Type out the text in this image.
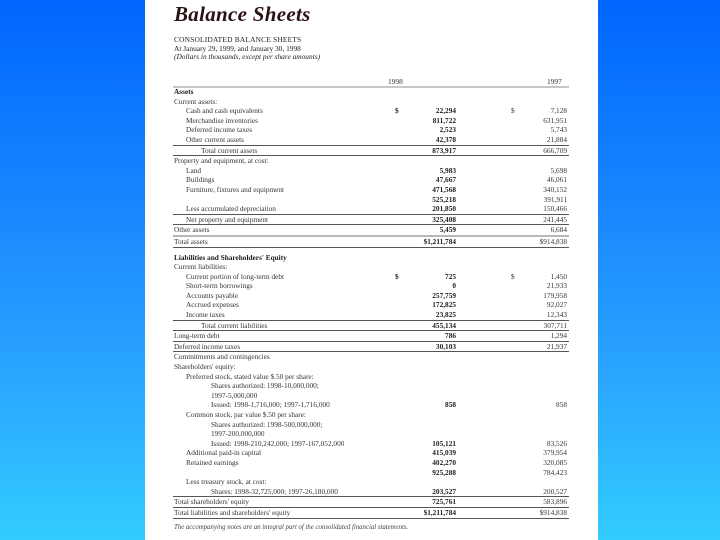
Balance Sheets
CONSOLIDATED BALANCE SHEETS
At January 29, 1999, and January 30, 1998
(Dollars in thousands, except per share amounts)
1998	1997
Assets
Current assets:
Cash and cash equivalents	$	22,294	$	7,128
Merchandise inventories	811,722	631,951
Deferred income taxes	2,523	5,743
Other current assets	42,378	21,884
Total current assets	873,917	666,709
Property and equipment, at cost:
Land	5,983	5,698
Buildings	47,667	46,061
Furniture, fixtures and equipment	471,568	340,152
525,218	391,911
Less accumulated depreciation	201,850	150,466
Net property and equipment	325,408	241,445
Other assets	5,459	6,684
Total assets	$1,211,784	$914,838
Liabilities and Shareholders' Equity
Current liabilities:
Current portion of long-term debt	$	725	$	1,450
Short-term borrowings	0	21,933
Accounts payable	257,759	179,958
Accrued expenses	172,825	92,027
Income taxes	23,825	12,343
Total current liabilities	455,134	307,711
Long-term debt	786	1,294
Deferred income taxes	30,103	21,937
Commitments and contingencies
Shareholders' equity:
Preferred stock, stated value $.50 per share:
Shares authorized: 1998-10,000,000;
1997-5,000,000
Issued: 1998-1,716,000; 1997-1,716,000	858	858
Common stock, par value $.50 per share:
Shares authorized: 1998-500,000,000;
1997-200,000,000
Issued: 1998-210,242,000; 1997-167,052,000	105,121	83,526
Additional paid-in capital	415,039	379,954
Retained earnings	402,270	320,085
925,288	784,423
Less treasury stock, at cost:
Shares: 1998-32,725,000; 1997-26,180,000	203,527	200,527
Total shareholders' equity	725,761	583,896
Total liabilities and shareholders' equity	$1,211,784	$914,838
The accompanying notes are an integral part of the consolidated financial statements.
